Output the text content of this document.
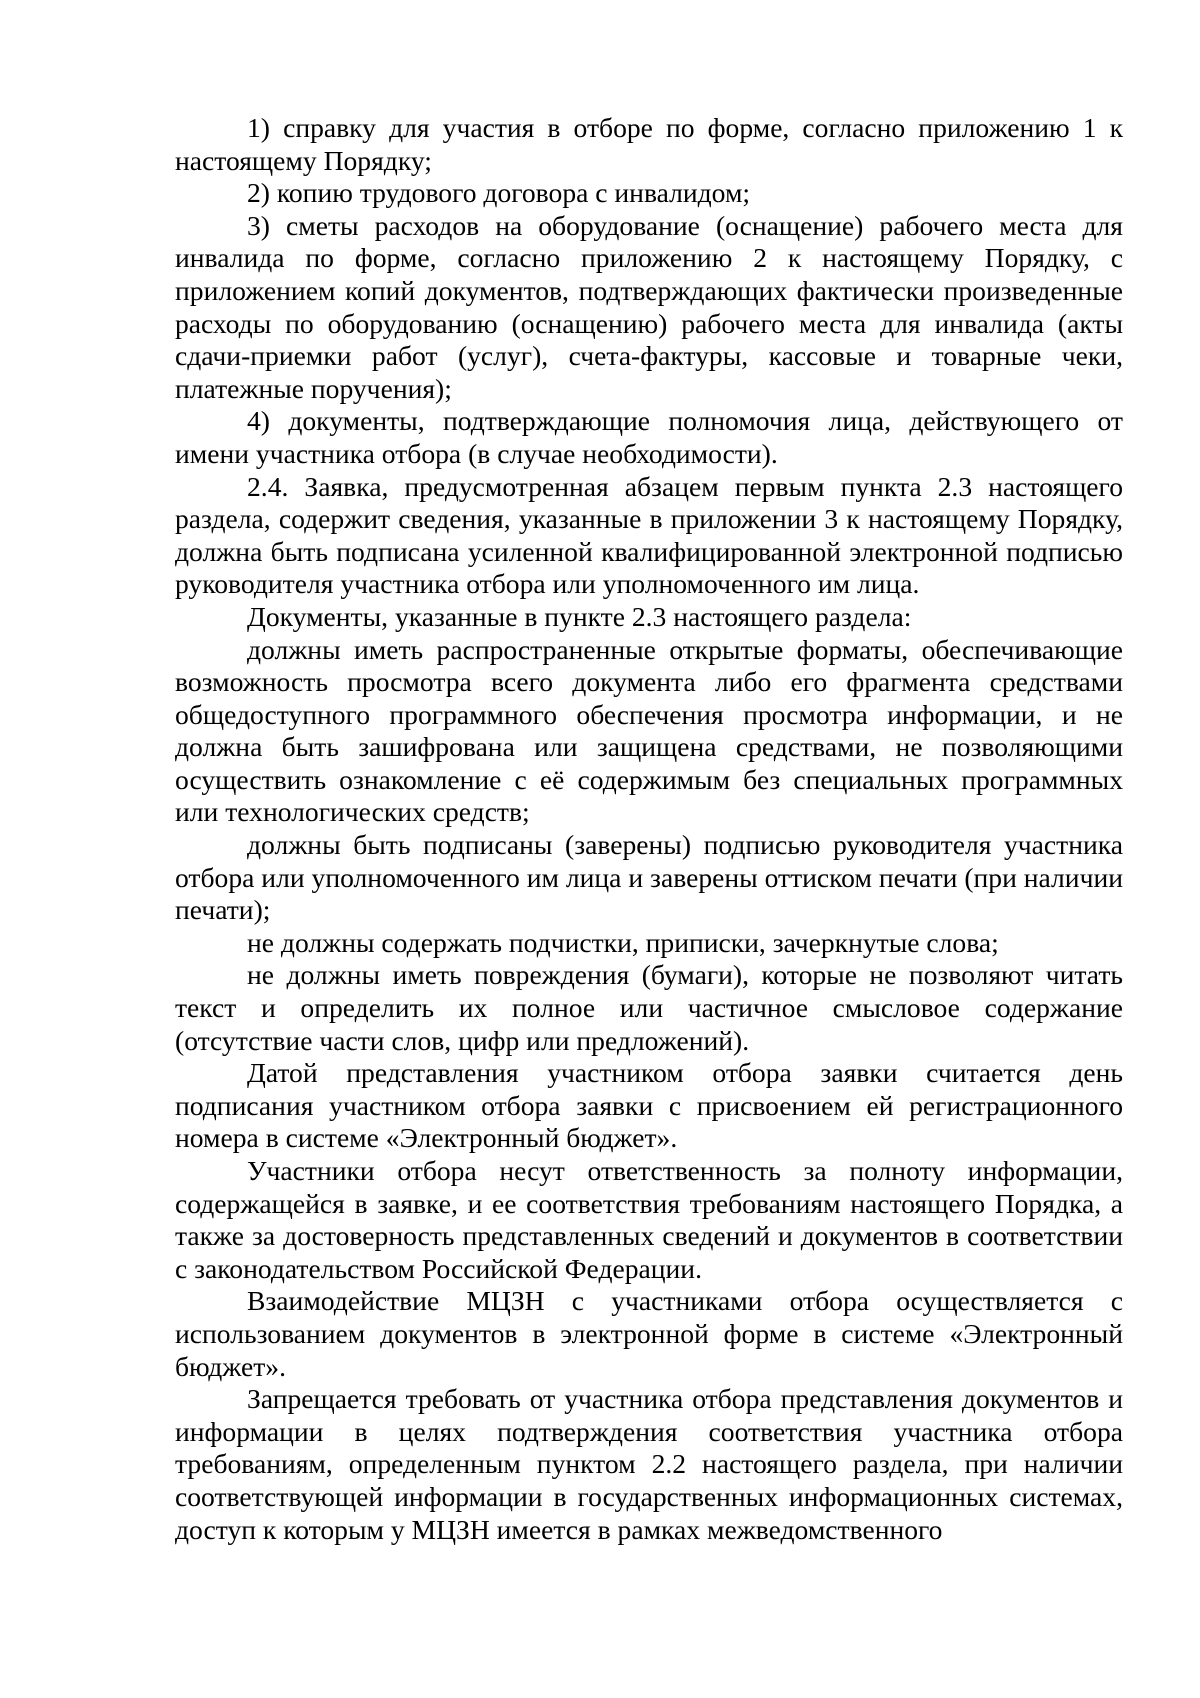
1) справку для участия в отборе по форме, согласно приложению 1 к настоящему Порядку;

2) копию трудового договора с инвалидом;

3) сметы расходов на оборудование (оснащение) рабочего места для инвалида по форме, согласно приложению 2 к настоящему Порядку, с приложением копий документов, подтверждающих фактически произведенные расходы по оборудованию (оснащению) рабочего места для инвалида (акты сдачи-приемки работ (услуг), счета-фактуры, кассовые и товарные чеки, платежные поручения);

4) документы, подтверждающие полномочия лица, действующего от имени участника отбора (в случае необходимости).

2.4. Заявка, предусмотренная абзацем первым пункта 2.3 настоящего раздела, содержит сведения, указанные в приложении 3 к настоящему Порядку, должна быть подписана усиленной квалифицированной электронной подписью руководителя участника отбора или уполномоченного им лица.

Документы, указанные в пункте 2.3 настоящего раздела:

должны иметь распространенные открытые форматы, обеспечивающие возможность просмотра всего документа либо его фрагмента средствами общедоступного программного обеспечения просмотра информации, и не должна быть зашифрована или защищена средствами, не позволяющими осуществить ознакомление с её содержимым без специальных программных или технологических средств;

должны быть подписаны (заверены) подписью руководителя участника отбора или уполномоченного им лица и заверены оттиском печати (при наличии печати);

не должны содержать подчистки, приписки, зачеркнутые слова;

не должны иметь повреждения (бумаги), которые не позволяют читать текст и определить их полное или частичное смысловое содержание (отсутствие части слов, цифр или предложений).

Датой представления участником отбора заявки считается день подписания участником отбора заявки с присвоением ей регистрационного номера в системе «Электронный бюджет».

Участники отбора несут ответственность за полноту информации, содержащейся в заявке, и ее соответствия требованиям настоящего Порядка, а также за достоверность представленных сведений и документов в соответствии с законодательством Российской Федерации.

Взаимодействие МЦЗН с участниками отбора осуществляется с использованием документов в электронной форме в системе «Электронный бюджет».

Запрещается требовать от участника отбора представления документов и информации в целях подтверждения соответствия участника отбора требованиям, определенным пунктом 2.2 настоящего раздела, при наличии соответствующей информации в государственных информационных системах, доступ к которым у МЦЗН имеется в рамках межведомственного
